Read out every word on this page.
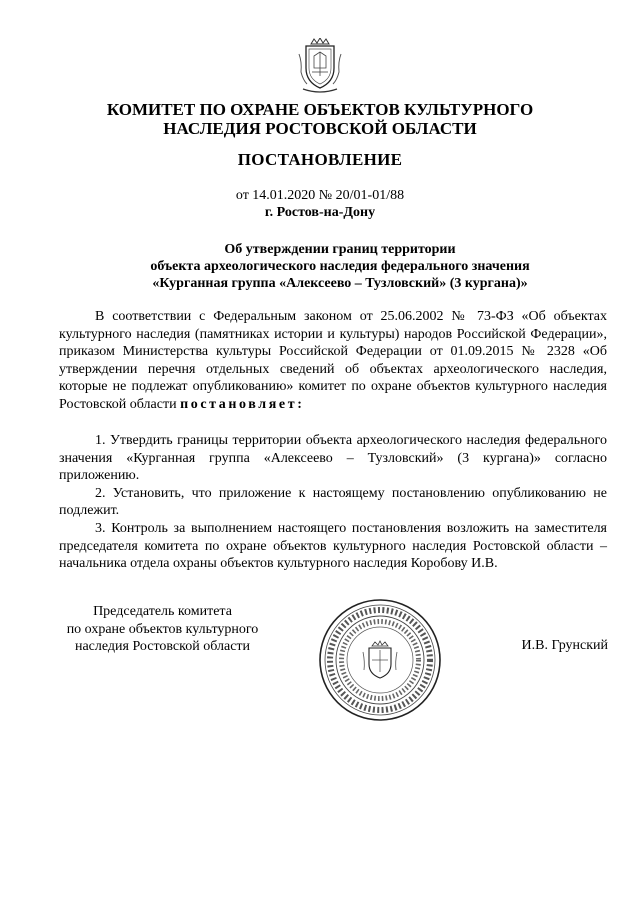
КОМИТЕТ ПО ОХРАНЕ ОБЪЕКТОВ КУЛЬТУРНОГО
НАСЛЕДИЯ РОСТОВСКОЙ ОБЛАСТИ
ПОСТАНОВЛЕНИЕ
от 14.01.2020 № 20/01-01/88
г. Ростов-на-Дону
Об утверждении границ территории
объекта археологического наследия федерального значения
«Курганная группа «Алексеево – Тузловский» (3 кургана)»

В соответствии с Федеральным законом от 25.06.2002 № 73-ФЗ «Об объектах культурного наследия (памятниках истории и культуры) народов Российской Федерации», приказом Министерства культуры Российской Федерации от 01.09.2015 № 2328 «Об утверждении перечня отдельных сведений об объектах археологического наследия, которые не подлежат опубликованию» комитет по охране объектов культурного наследия Ростовской области постановляет:

1. Утвердить границы территории объекта археологического наследия федерального значения «Курганная группа «Алексеево – Тузловский» (3 кургана)» согласно приложению.

2. Установить, что приложение к настоящему постановлению опубликованию не подлежит.

3. Контроль за выполнением настоящего постановления возложить на заместителя председателя комитета по охране объектов культурного наследия Ростовской области – начальника отдела охраны объектов культурного наследия Коробову И.В.

Председатель комитета
по охране объектов культурного
наследия Ростовской области	И.В. Грунский
